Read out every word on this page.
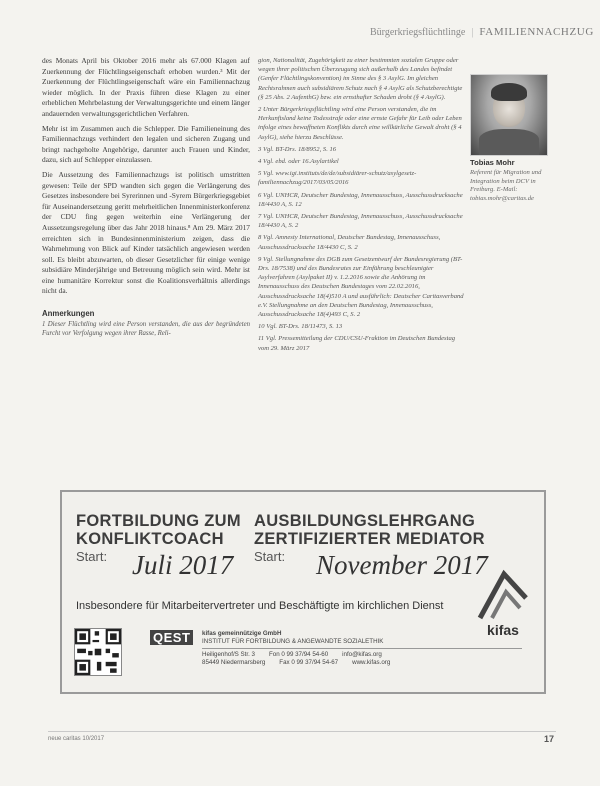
Bürgerkriegsflüchtlinge | FAMILIENNACHZUG

des Monats April bis Oktober 2016 mehr als 67.000 Klagen auf Zuerkennung der Flüchtlingseigenschaft erhoben wurden.³ Mit der Zuerkennung der Flüchtlingseigenschaft wäre ein Familiennachzug wieder möglich. In der Praxis führen diese Klagen zu einer erheblichen Mehrbelastung der Verwaltungsgerichte und einem länger andauernden verwaltungsgerichtlichen Verfahren.

Mehr ist im Zusammen auch die Schlepper. Die Familieneinung des Familiennachzugs verhindert den legalen und sicheren Zugang und bringt nachgeholte Angehörige, darunter auch Frauen und Kinder, dazu, sich auf Schlepper einzulassen.

Die Aussetzung des Familiennachzugs ist politisch umstritten gewesen: Teile der SPD wandten sich gegen die Verlängerung des Gesetzes insbesondere bei Syrerinnen und -Syrern Bürgerkriegsgebiet für Auseinandersetzung geritt mehrheitlichen Innenministerkonferenz der CDU fing gegen weiterhin eine Verlängerung der Aussetzungsregelung über das Jahr 2018 hinaus.⁸ Am 29. März 2017 erreichten sich in Bundesinnenministerium zeigen, dass die Wahrnehmung von Blick auf Kinder tatsächlich angewiesen werden soll. Es bleibt abzuwarten, ob dieser Gesetzlicher für einige wenige subsidiäre Minderjährige und Betreuung möglich sein wird. Mehr ist eine humanitäre Korrektur sonst die Koalitionsverhältnis allerdings nicht da.

Anmerkungen
1 Dieser Flüchtling wird eine Person verstanden, die aus der begründeten Furcht vor Verfolgung wegen ihrer Rasse, Reli-

gion, Nationalität, Zugehörigkeit zu einer bestimmten sozialen Gruppe oder wegen ihrer politischen Überzeugung sich außerhalb des Landes befindet (Genfer Flüchtlingskonvention) im Sinne des § 3 AsylG. Im gleichen Rechtsrahmen auch subsidiärem Schutz nach § 4 AsylG als Schutzberechtigte (§ 25 Abs. 2 AufenthG) bzw. ein ernsthafter Schaden droht (§ 4 AsylG).

2 Unter Bürgerkriegsflüchtling wird eine Person verstanden, die im Herkunftsland keine Todesstrafe oder eine ernste Gefahr für Leib oder Leben infolge eines bewaffneten Konflikts durch eine willkürliche Gewalt droht (§ 4 AsylG), siehe hierzu Beschlüsse.

3 Vgl. BT-Drs. 18/8952, S. 16

4 Vgl. ebd. oder 16.Asylartikel

5 Vgl. www.igi.instituts/de/de/subsidiärer-schutz/asylgesetz-familiennachzug/2017/03/05/2016

6 Vgl. UNHCR, Deutscher Bundestag, Innenausschuss, Ausschussdrucksache 18/4430 A, S. 12

7 Vgl. UNHCR, Deutscher Bundestag, Innenausschuss, Ausschussdrucksache 18/4430 A, S. 2

8 Vgl. Amnesty International, Deutscher Bundestag, Innenausschuss, Ausschussdrucksache 18/4430 C, S. 2

9 Vgl. Stellungnahme des DGB zum Gesetzentwurf der Bundesregierung (BT-Drs. 18/7538) und des Bundesrates zur Einführung beschleunigter Asylverfahren (Asylpaket II) v. 1.2.2016 sowie die Anhörung im Innenausschuss des Deutschen Bundestages vom 22.02.2016, Ausschussdrucksache 18(4)510 A und ausführlich: Deutscher Caritasverband e.V. Stellungnahme an den Deutschen Bundestag, Innenausschuss, Ausschussdrucksache 18(4)493 C, S. 2

10 Vgl. BT-Drs. 18/11473, S. 13

11 Vgl. Pressemitteilung der CDU/CSU-Fraktion im Deutschen Bundestag vom 29. März 2017

Tobias Mohr
Referent für Migration und Integration beim DCV in Freiburg. E-Mail: tobias.mohr@caritas.de
FORTBILDUNG ZUM
KONFLIKTCOACH
Start: Juli 2017
AUSBILDUNGSLEHRGANG
ZERTIFIZIERTER MEDIATOR
Start:	November 2017
Insbesondere für Mitarbeitervertreter und Beschäftigte im kirchlichen Dienst
kifas
QEST	kifas gemeinnützige GmbH
INSTITUT FÜR FORTBILDUNG & ANGEWANDTE SOZIALETHIK
Heiligenhof/S Str. 3 Fon 0 99 37/94 54-60 info@kifas.org
85449 Niedermarsberg Fax 0 99 37/94 54-67 www.kifas.org
neue caritas 10/2017	17
